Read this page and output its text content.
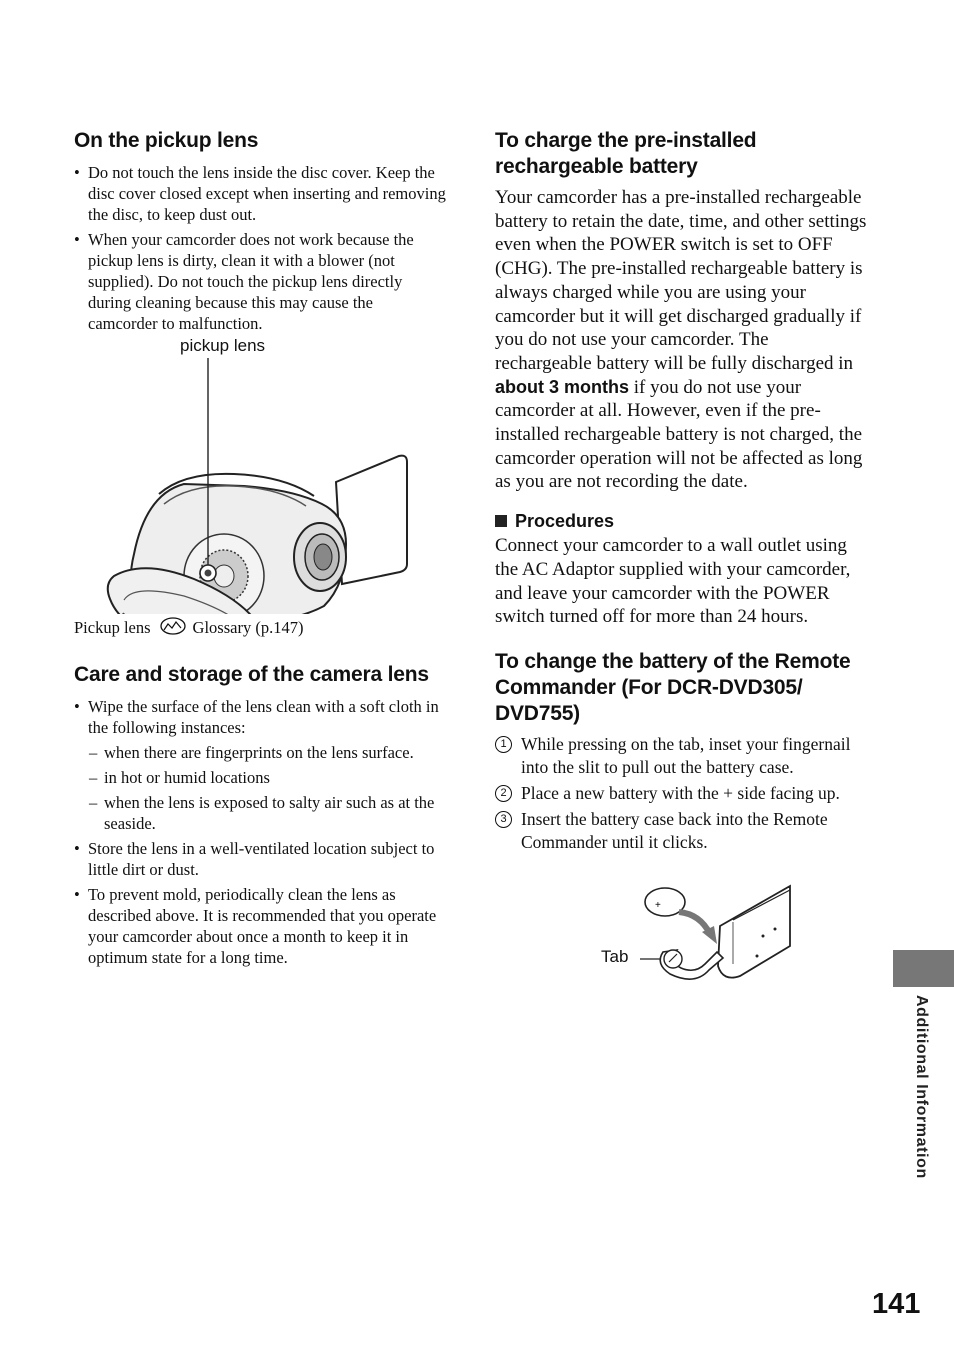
On the pickup lens
• Do not touch the lens inside the disc cover. Keep the disc cover closed except when inserting and removing the disc, to keep dust out.
• When your camcorder does not work because the pickup lens is dirty, clean it with a blower (not supplied). Do not touch the pickup lens directly during cleaning because this may cause the camcorder to malfunction.
pickup lens
Pickup lens	Glossary (p.147)
Care and storage of the camera lens
• Wipe the surface of the lens clean with a soft cloth in the following instances:
– when there are fingerprints on the lens surface.
– in hot or humid locations
– when the lens is exposed to salty air such as at the seaside.
• Store the lens in a well-ventilated location subject to little dirt or dust.
• To prevent mold, periodically clean the lens as described above. It is recommended that you operate your camcorder about once a month to keep it in optimum state for a long time.
To charge the pre-installed rechargeable battery

Your camcorder has a pre-installed rechargeable battery to retain the date, time, and other settings even when the POWER switch is set to OFF (CHG). The pre-installed rechargeable battery is always charged while you are using your camcorder but it will get discharged gradually if you do not use your camcorder. The rechargeable battery will be fully discharged in about 3 months if you do not use your camcorder at all. However, even if the pre-installed rechargeable battery is not charged, the camcorder operation will not be affected as long as you are not recording the date.

Procedures

Connect your camcorder to a wall outlet using the AC Adaptor supplied with your camcorder, and leave your camcorder with the POWER switch turned off for more than 24 hours.

To change the battery of the Remote Commander (For DCR-DVD305/ DVD755)
1 While pressing on the tab, inset your fingernail into the slit to pull out the battery case.
2 Place a new battery with the + side facing up.
3 Insert the battery case back into the Remote Commander until it clicks.
+
Tab
Additional Information
141
